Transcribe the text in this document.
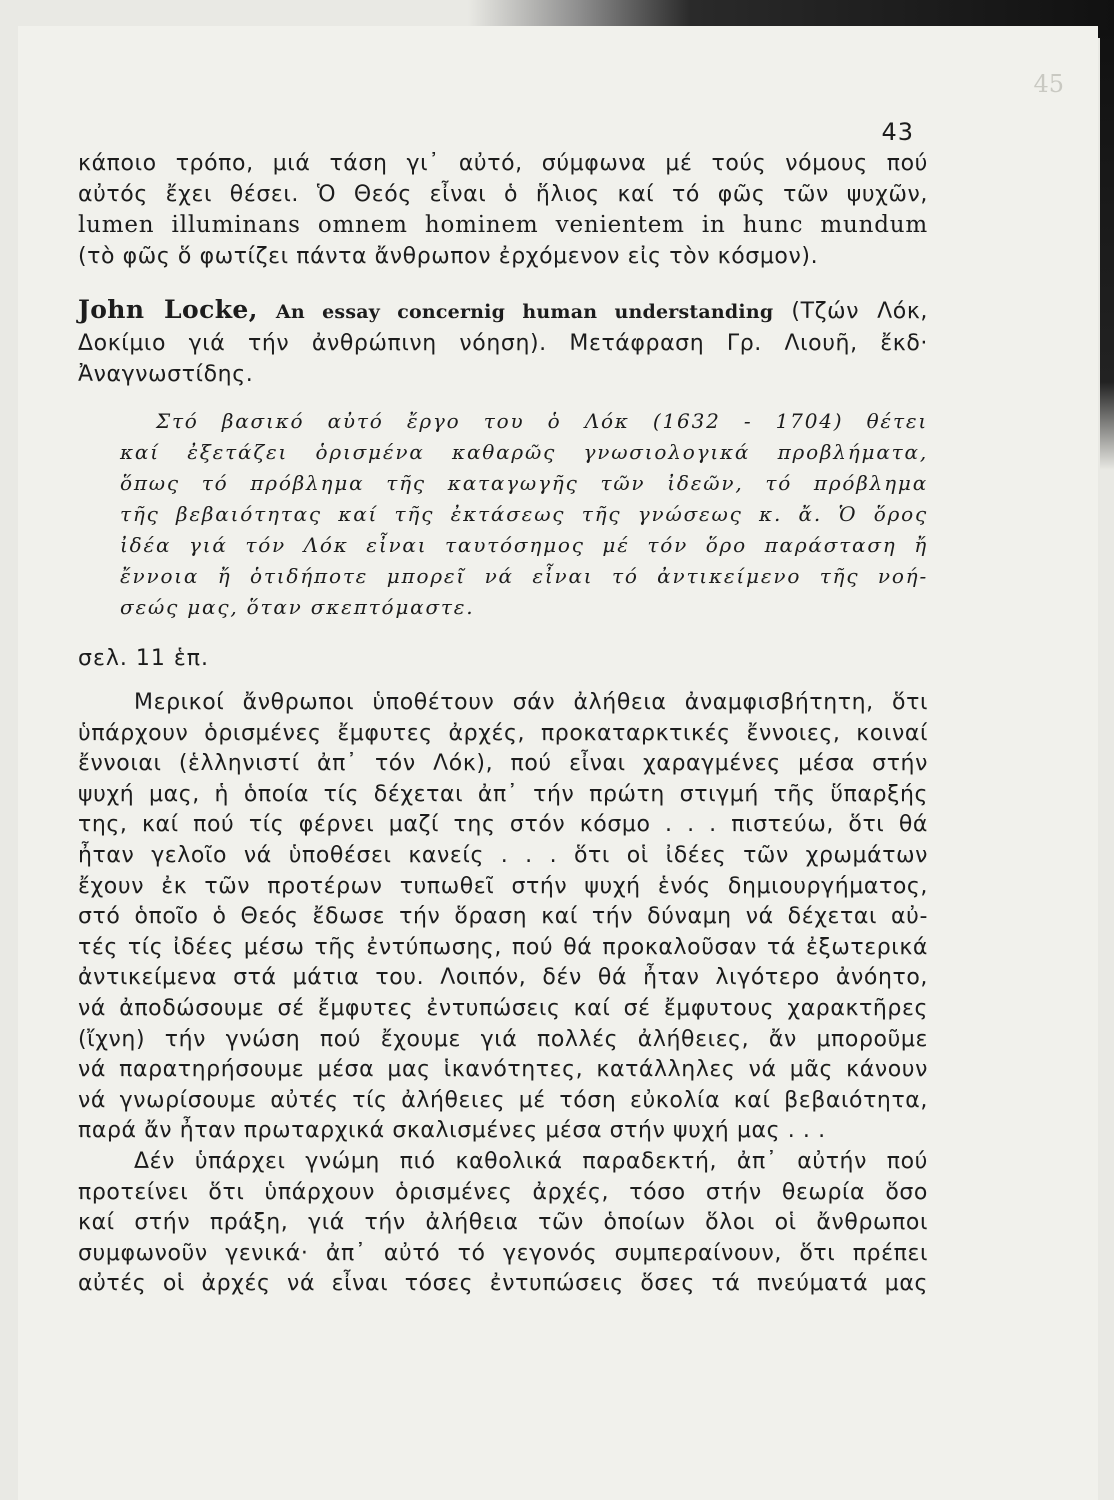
45
43
κάποιο τρόπο, μιά τάση γι᾽ αὐτό, σύμφωνα μέ τούς νόμους πού
αὐτός ἔχει θέσει. Ὁ Θεός εἶναι ὁ ἥλιος καί τό φῶς τῶν ψυχῶν,
lumen illuminans omnem hominem venientem in hunc mundum
(τὸ φῶς ὅ φωτίζει πάντα ἄνθρωπον ἐρχόμενον εἰς τὸν κόσμον).
John Locke, An essay concernig human understanding (Τζών Λόκ,
Δοκίμιο γιά τήν ἀνθρώπινη νόηση). Μετάφραση Γρ. Λιουῆ, ἔκδ·
Ἀναγνωστίδης.
Στό βασικό αὐτό ἔργο του ὁ Λόκ (1632 - 1704) θέτει
καί ἐξετάζει ὁρισμένα καθαρῶς γνωσιολογικά προβλήματα,
ὅπως τό πρόβλημα τῆς καταγωγῆς τῶν ἰδεῶν, τό πρόβλημα
τῆς βεβαιότητας καί τῆς ἐκτάσεως τῆς γνώσεως κ. ἄ. Ὁ ὅρος
ἰδέα γιά τόν Λόκ εἶναι ταυτόσημος μέ τόν ὅρο παράσταση ἤ
ἔννοια ἤ ὁτιδήποτε μπορεῖ νά εἶναι τό ἀντικείμενο τῆς νοή-
σεώς μας, ὅταν σκεπτόμαστε.
σελ. 11 ἑπ.
Μερικοί ἄνθρωποι ὑποθέτουν σάν ἀλήθεια ἀναμφισβήτητη, ὅτι
ὑπάρχουν ὁρισμένες ἔμφυτες ἀρχές, προκαταρκτικές ἔννοιες, κοιναί
ἔννοιαι (ἑλληνιστί ἀπ᾽ τόν Λόκ), πού εἶναι χαραγμένες μέσα στήν
ψυχή μας, ἡ ὁποία τίς δέχεται ἀπ᾽ τήν πρώτη στιγμή τῆς ὕπαρξής
της, καί πού τίς φέρνει μαζί της στόν κόσμο . . . πιστεύω, ὅτι θά
ἦταν γελοῖο νά ὑποθέσει κανείς . . . ὅτι οἱ ἰδέες τῶν χρωμάτων
ἔχουν ἐκ τῶν προτέρων τυπωθεῖ στήν ψυχή ἑνός δημιουργήματος,
στό ὁποῖο ὁ Θεός ἔδωσε τήν ὅραση καί τήν δύναμη νά δέχεται αὐ-
τές τίς ἰδέες μέσω τῆς ἐντύπωσης, πού θά προκαλοῦσαν τά ἐξωτερικά
ἀντικείμενα στά μάτια του. Λοιπόν, δέν θά ἦταν λιγότερο ἀνόητο,
νά ἀποδώσουμε σέ ἔμφυτες ἐντυπώσεις καί σέ ἔμφυτους χαρακτῆρες
(ἴχνη) τήν γνώση πού ἔχουμε γιά πολλές ἀλήθειες, ἄν μποροῦμε
νά παρατηρήσουμε μέσα μας ἱκανότητες, κατάλληλες νά μᾶς κάνουν
νά γνωρίσουμε αὐτές τίς ἀλήθειες μέ τόση εὐκολία καί βεβαιότητα,
παρά ἄν ἦταν πρωταρχικά σκαλισμένες μέσα στήν ψυχή μας . . .
Δέν ὑπάρχει γνώμη πιό καθολικά παραδεκτή, ἀπ᾽ αὐτήν πού
προτείνει ὅτι ὑπάρχουν ὁρισμένες ἀρχές, τόσο στήν θεωρία ὅσο
καί στήν πράξη, γιά τήν ἀλήθεια τῶν ὁποίων ὅλοι οἱ ἄνθρωποι
συμφωνοῦν γενικά· ἀπ᾽ αὐτό τό γεγονός συμπεραίνουν, ὅτι πρέπει
αὐτές οἱ ἀρχές νά εἶναι τόσες ἐντυπώσεις ὅσες τά πνεύματά μας
